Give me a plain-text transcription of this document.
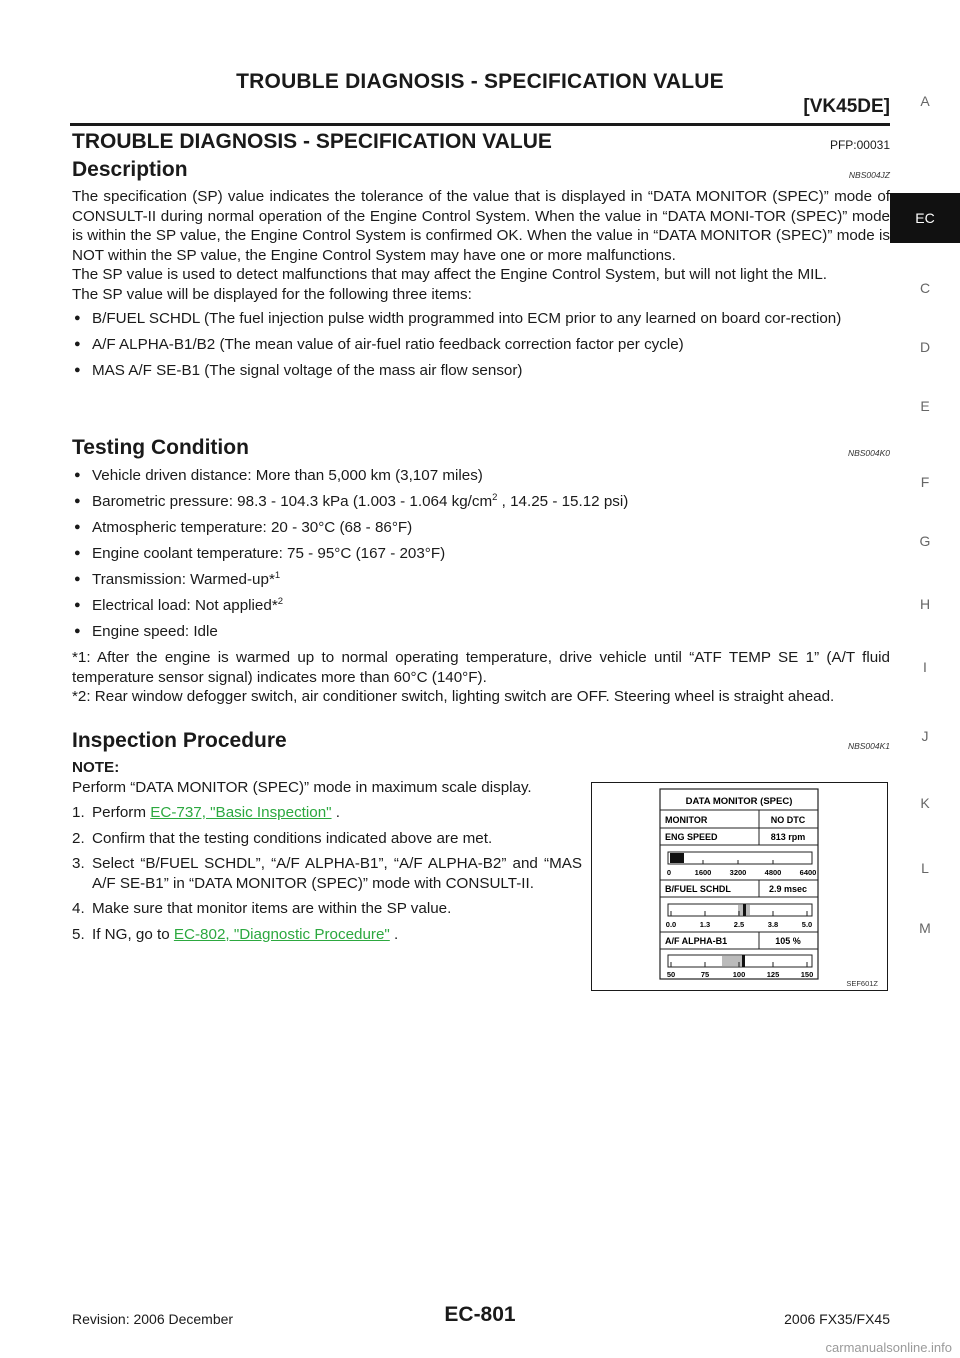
TROUBLE DIAGNOSIS - SPECIFICATION VALUE
[VK45DE]
TROUBLE DIAGNOSIS - SPECIFICATION VALUE	PFP:00031
Description	NBS004JZ

The specification (SP) value indicates the tolerance of the value that is displayed in “DATA MONITOR (SPEC)” mode of CONSULT-II during normal operation of the Engine Control System. When the value in “DATA MONI-TOR (SPEC)” mode is within the SP value, the Engine Control System is confirmed OK. When the value in “DATA MONITOR (SPEC)” mode is NOT within the SP value, the Engine Control System may have one or more malfunctions.

The SP value is used to detect malfunctions that may affect the Engine Control System, but will not light the MIL.

The SP value will be displayed for the following three items:

● B/FUEL SCHDL (The fuel injection pulse width programmed into ECM prior to any learned on board cor-rection)
● A/F ALPHA-B1/B2 (The mean value of air-fuel ratio feedback correction factor per cycle)
● MAS A/F SE-B1 (The signal voltage of the mass air flow sensor)
Testing Condition	NBS004K0
● Vehicle driven distance: More than 5,000 km (3,107 miles)
● Barometric pressure: 98.3 - 104.3 kPa (1.003 - 1.064 $kg/cm^2$ , 14.25 - 15.12 psi)
● Atmospheric temperature: 20 - 30°C (68 - 86°F)
● Engine coolant temperature: 75 - 95°C (167 - 203°F)
● Transmission: Warmed-up*$^1$
● Electrical load: Not applied*$^2$
● Engine speed: Idle

*1: After the engine is warmed up to normal operating temperature, drive vehicle until “ATF TEMP SE 1” (A/T fluid temperature sensor signal) indicates more than 60°C (140°F).

*2: Rear window defogger switch, air conditioner switch, lighting switch are OFF. Steering wheel is straight ahead.

Inspection Procedure	NBS004K1
NOTE:
Perform “DATA MONITOR (SPEC)” mode in maximum scale display.
1. Perform EC-737, "Basic Inspection" .
2. Confirm that the testing conditions indicated above are met.
3. Select “B/FUEL SCHDL”, “A/F ALPHA-B1”, “A/F ALPHA-B2” and “MAS A/F SE-B1” in “DATA MONITOR (SPEC)” mode with CONSULT-II.
4. Make sure that monitor items are within the SP value.
5. If NG, go to EC-802, "Diagnostic Procedure" .
DATA MONITOR (SPEC)
MONITOR	NO DTC
ENG SPEED	813 rpm
0	1600 3200 4800 6400
B/FUEL SCHDL	2.9 msec
0.0	1.3	2.5	3.8	5.0
A/F ALPHA-B1	105 %
50	75	100	125	150
SEF601Z
A
EC
C
D
E
F
G
H
I
J
K
L
M
Revision: 2006 December	EC-801	2006 FX35/FX45
carmanualsonline.info
